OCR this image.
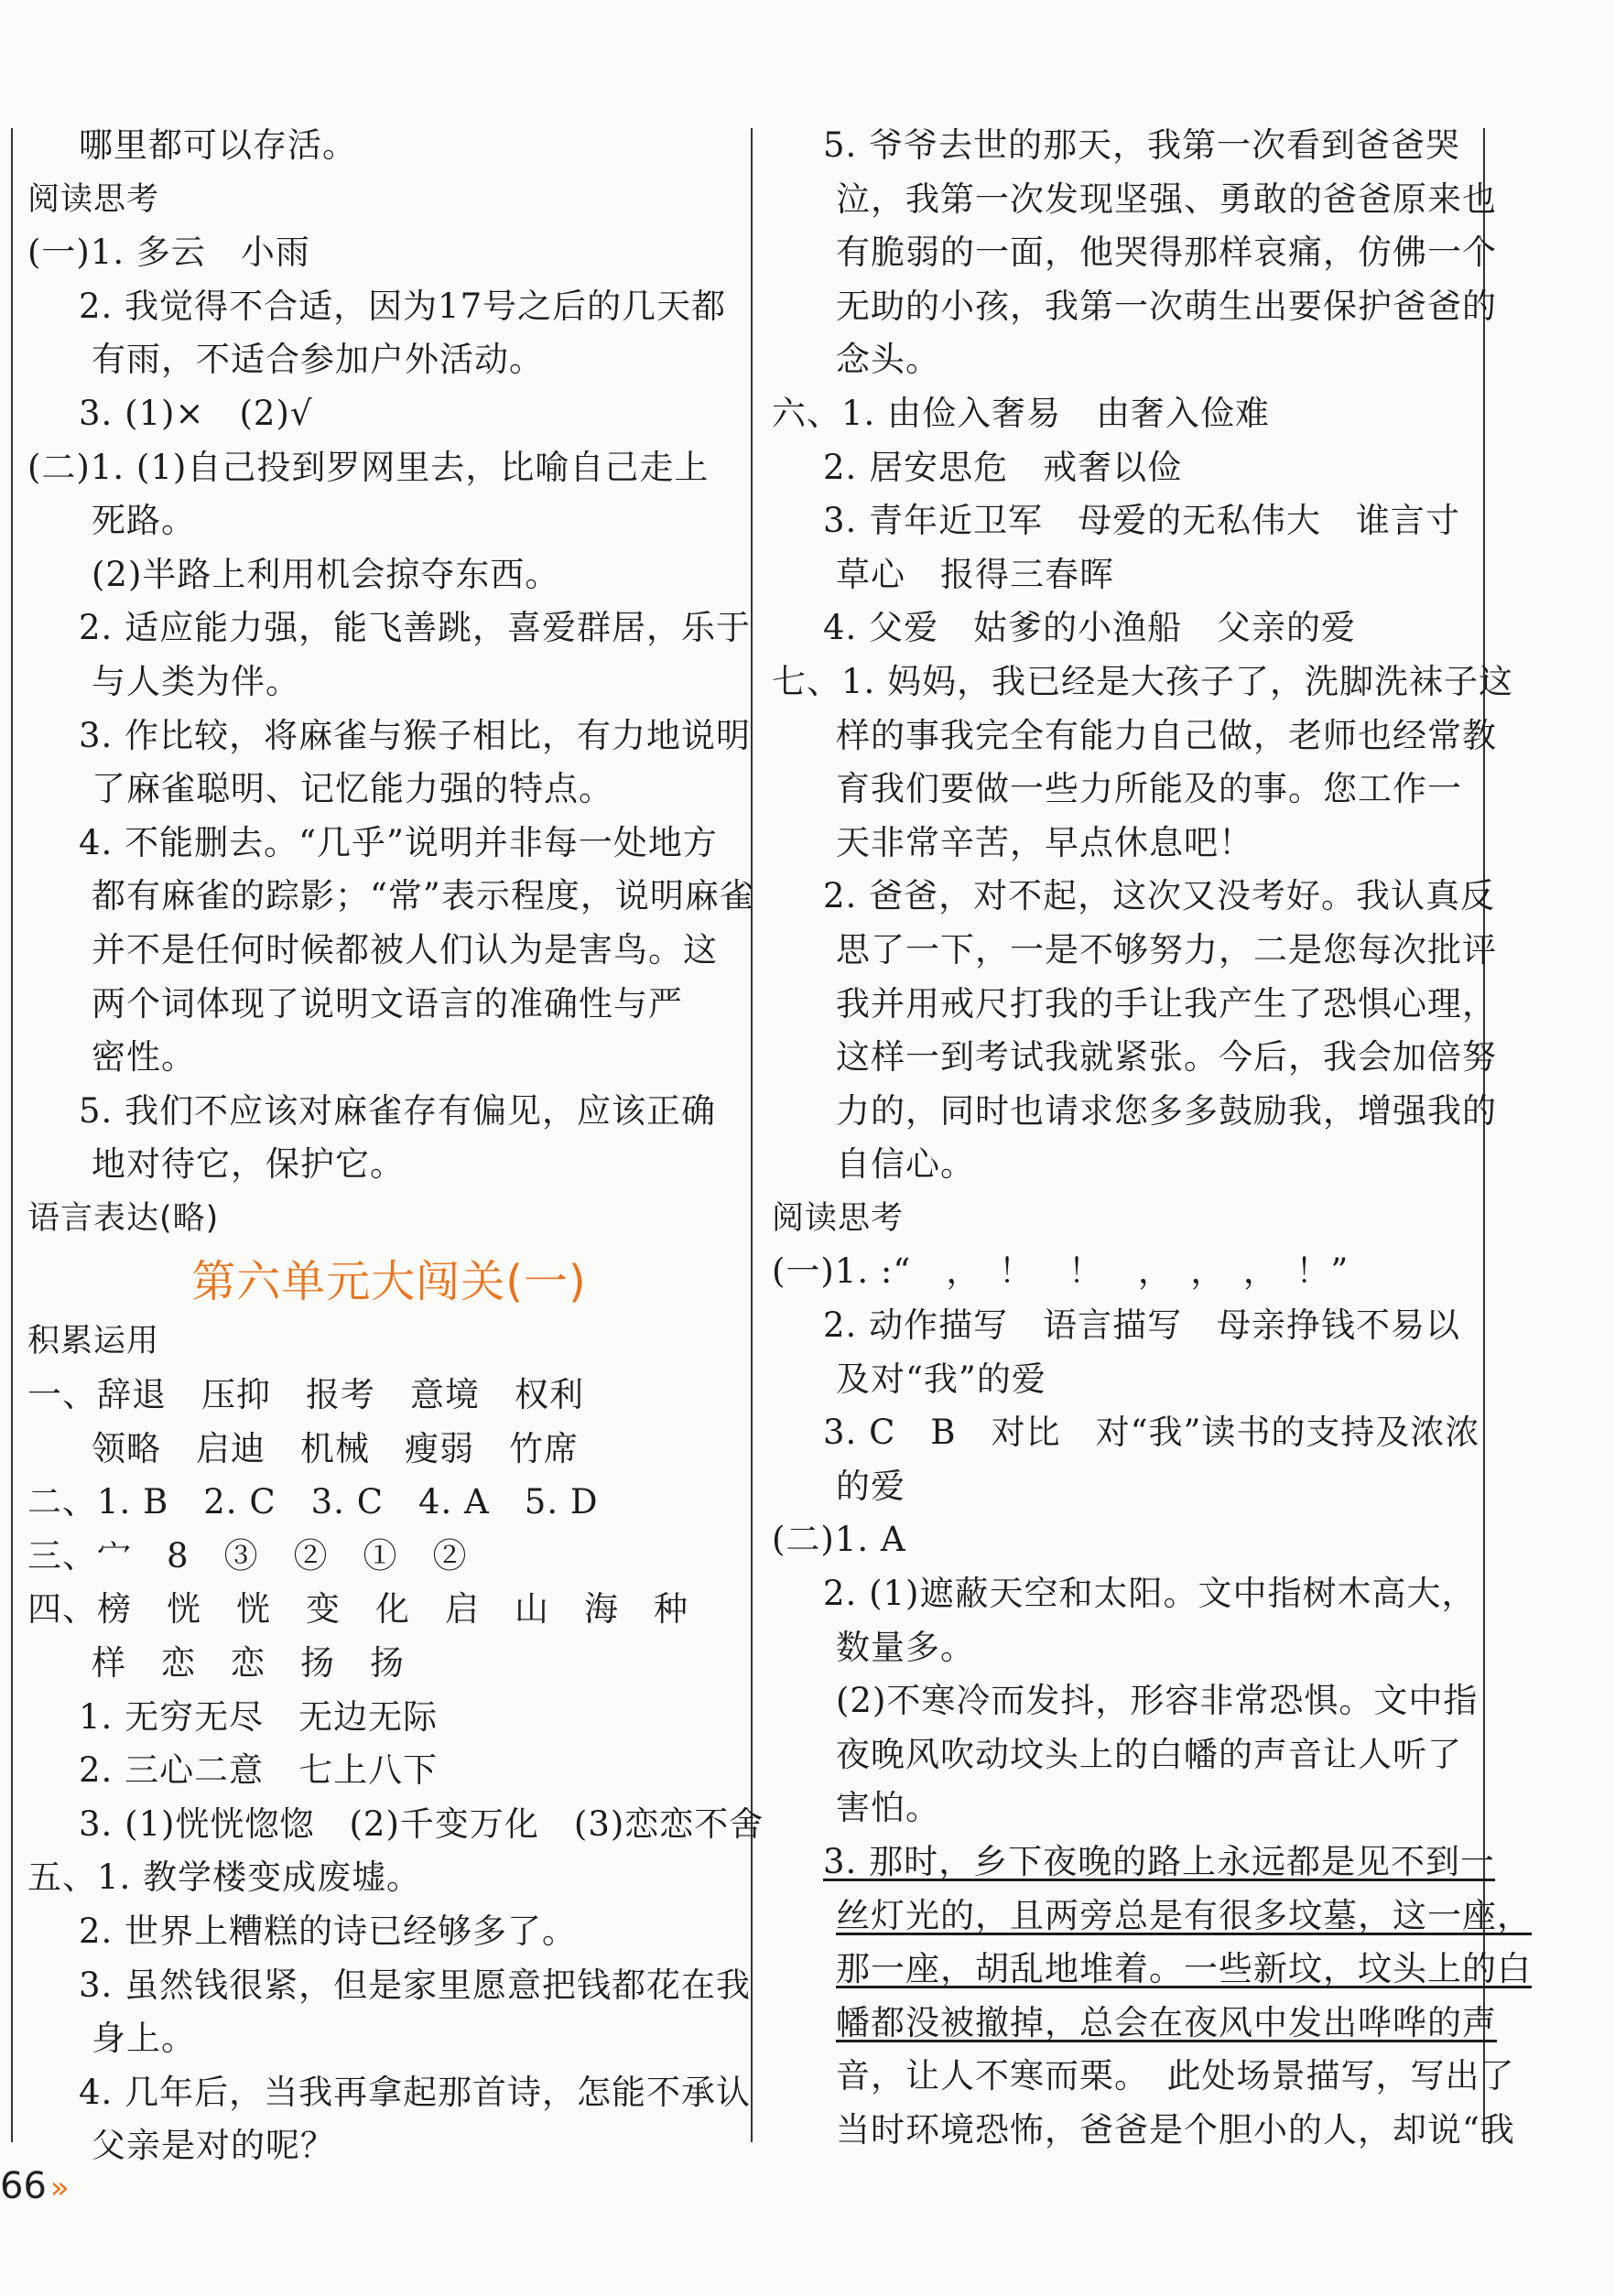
哪里都可以存活。
阅读思考
(一)1. 多云　小雨
2. 我觉得不合适，因为17号之后的几天都
有雨，不适合参加户外活动。
3. (1)×　(2)√
(二)1. (1)自己投到罗网里去，比喻自己走上
死路。
(2)半路上利用机会掠夺东西。
2. 适应能力强，能飞善跳，喜爱群居，乐于
与人类为伴。
3. 作比较，将麻雀与猴子相比，有力地说明
了麻雀聪明、记忆能力强的特点。
4. 不能删去。“几乎”说明并非每一处地方
都有麻雀的踪影；“常”表示程度，说明麻雀
并不是任何时候都被人们认为是害鸟。这
两个词体现了说明文语言的准确性与严
密性。
5. 我们不应该对麻雀存有偏见，应该正确
地对待它，保护它。
语言表达(略)
第六单元大闯关(一)
积累运用
一、辞退　压抑　报考　意境　权利
领略　启迪　机械　瘦弱　竹席
二、1. B　2. C　3. C　4. A　5. D
三、宀　8　③　②　①　②
四、榜　恍　恍　变　化　启　山　海　种
样　恋　恋　扬　扬
1. 无穷无尽　无边无际
2. 三心二意　七上八下
3. (1)恍恍惚惚　(2)千变万化　(3)恋恋不舍
五、1. 教学楼变成废墟。
2. 世界上糟糕的诗已经够多了。
3. 虽然钱很紧，但是家里愿意把钱都花在我
身上。
4. 几年后，当我再拿起那首诗，怎能不承认
父亲是对的呢？
5. 爷爷去世的那天，我第一次看到爸爸哭
泣，我第一次发现坚强、勇敢的爸爸原来也
有脆弱的一面，他哭得那样哀痛，仿佛一个
无助的小孩，我第一次萌生出要保护爸爸的
念头。
六、1. 由俭入奢易　由奢入俭难
2. 居安思危　戒奢以俭
3. 青年近卫军　母爱的无私伟大　谁言寸
草心　报得三春晖
4. 父爱　姑爹的小渔船　父亲的爱
七、1. 妈妈，我已经是大孩子了，洗脚洗袜子这
样的事我完全有能力自己做，老师也经常教
育我们要做一些力所能及的事。您工作一
天非常辛苦，早点休息吧！
2. 爸爸，对不起，这次又没考好。我认真反
思了一下，一是不够努力，二是您每次批评
我并用戒尺打我的手让我产生了恐惧心理，
这样一到考试我就紧张。今后，我会加倍努
力的，同时也请求您多多鼓励我，增强我的
自信心。
阅读思考
(一)1. :“　，　！　！　，　，　，　！”
2. 动作描写　语言描写　母亲挣钱不易以
及对“我”的爱
3. C　B　对比　对“我”读书的支持及浓浓
的爱
(二)1. A
2. (1)遮蔽天空和太阳。文中指树木高大，
数量多。
(2)不寒冷而发抖，形容非常恐惧。文中指
夜晚风吹动坟头上的白幡的声音让人听了
害怕。
3. 那时，乡下夜晚的路上永远都是见不到一
丝灯光的，且两旁总是有很多坟墓，这一座，
那一座，胡乱地堆着。一些新坟，坟头上的白
幡都没被撤掉，总会在夜风中发出哗哗的声
音，让人不寒而栗。　此处场景描写，写出了
当时环境恐怖，爸爸是个胆小的人，却说“我
66 »
